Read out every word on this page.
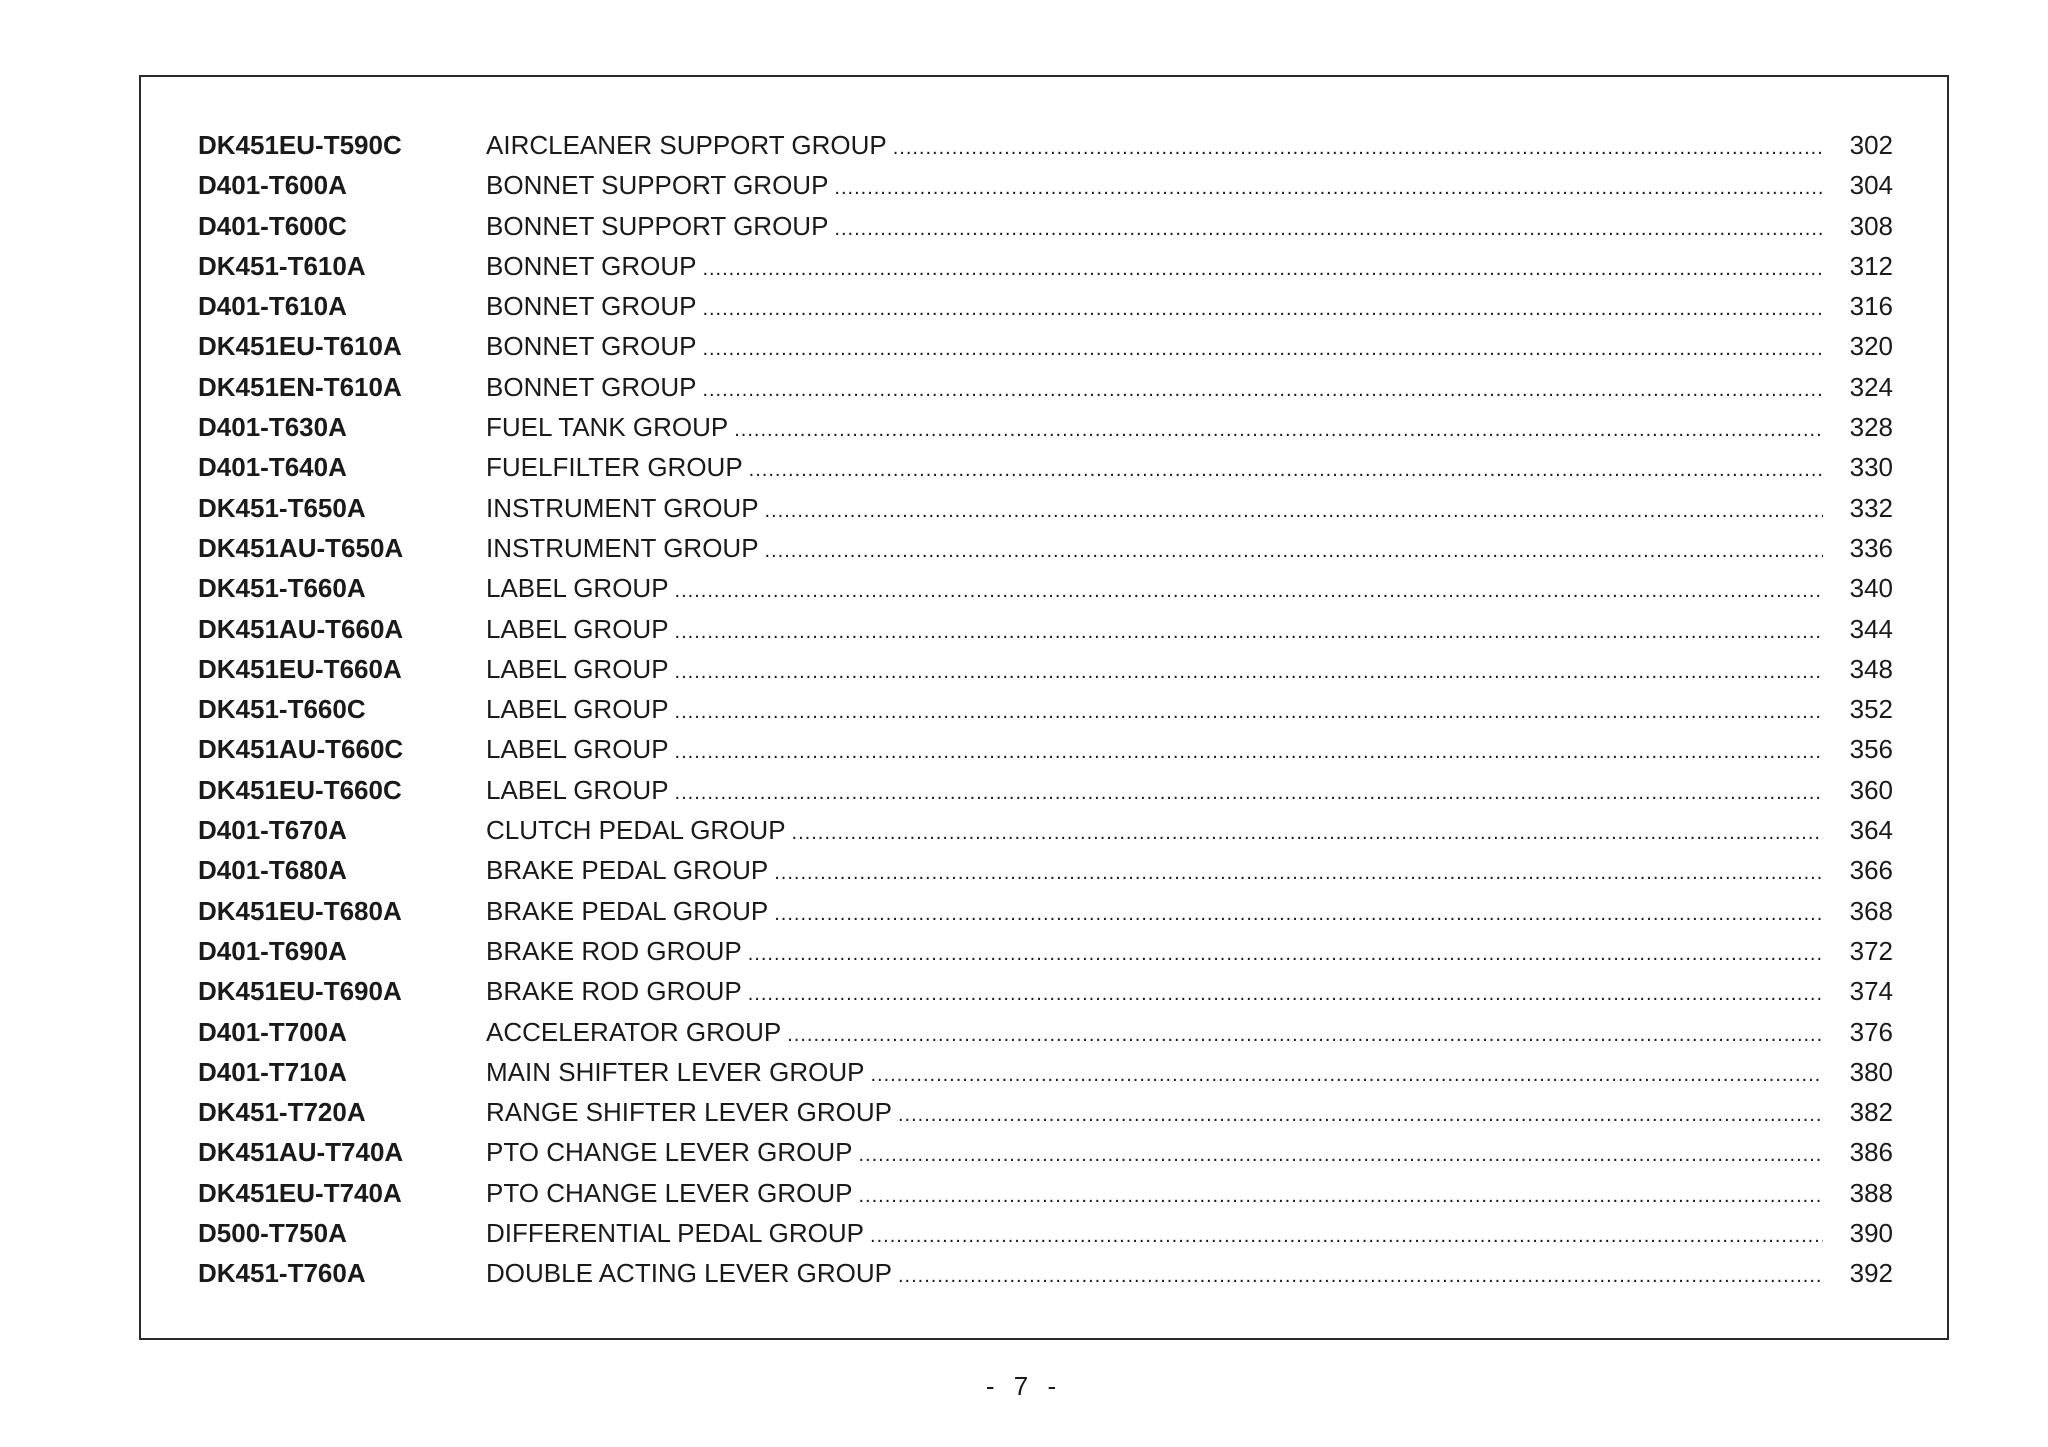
DK451EU-T590C	AIRCLEANER SUPPORT GROUP .....	302
D401-T600A	BONNET SUPPORT GROUP .....	304
D401-T600C	BONNET SUPPORT GROUP .....	308
DK451-T610A	BONNET GROUP .....	312
D401-T610A	BONNET GROUP .....	316
DK451EU-T610A	BONNET GROUP .....	320
DK451EN-T610A	BONNET GROUP .....	324
D401-T630A	FUEL TANK GROUP .....	328
D401-T640A	FUELFILTER GROUP .....	330
DK451-T650A	INSTRUMENT GROUP .....	332
DK451AU-T650A	INSTRUMENT GROUP .....	336
DK451-T660A	LABEL GROUP .....	340
DK451AU-T660A	LABEL GROUP .....	344
DK451EU-T660A	LABEL GROUP .....	348
DK451-T660C	LABEL GROUP .....	352
DK451AU-T660C	LABEL GROUP .....	356
DK451EU-T660C	LABEL GROUP .....	360
D401-T670A	CLUTCH PEDAL GROUP .....	364
D401-T680A	BRAKE PEDAL GROUP .....	366
DK451EU-T680A	BRAKE PEDAL GROUP .....	368
D401-T690A	BRAKE ROD GROUP .....	372
DK451EU-T690A	BRAKE ROD GROUP .....	374
D401-T700A	ACCELERATOR GROUP .....	376
D401-T710A	MAIN SHIFTER LEVER GROUP .....	380
DK451-T720A	RANGE SHIFTER LEVER GROUP .....	382
DK451AU-T740A	PTO CHANGE LEVER GROUP .....	386
DK451EU-T740A	PTO CHANGE LEVER GROUP .....	388
D500-T750A	DIFFERENTIAL PEDAL GROUP .....	390
DK451-T760A	DOUBLE ACTING LEVER GROUP .....	392
- 7 -
